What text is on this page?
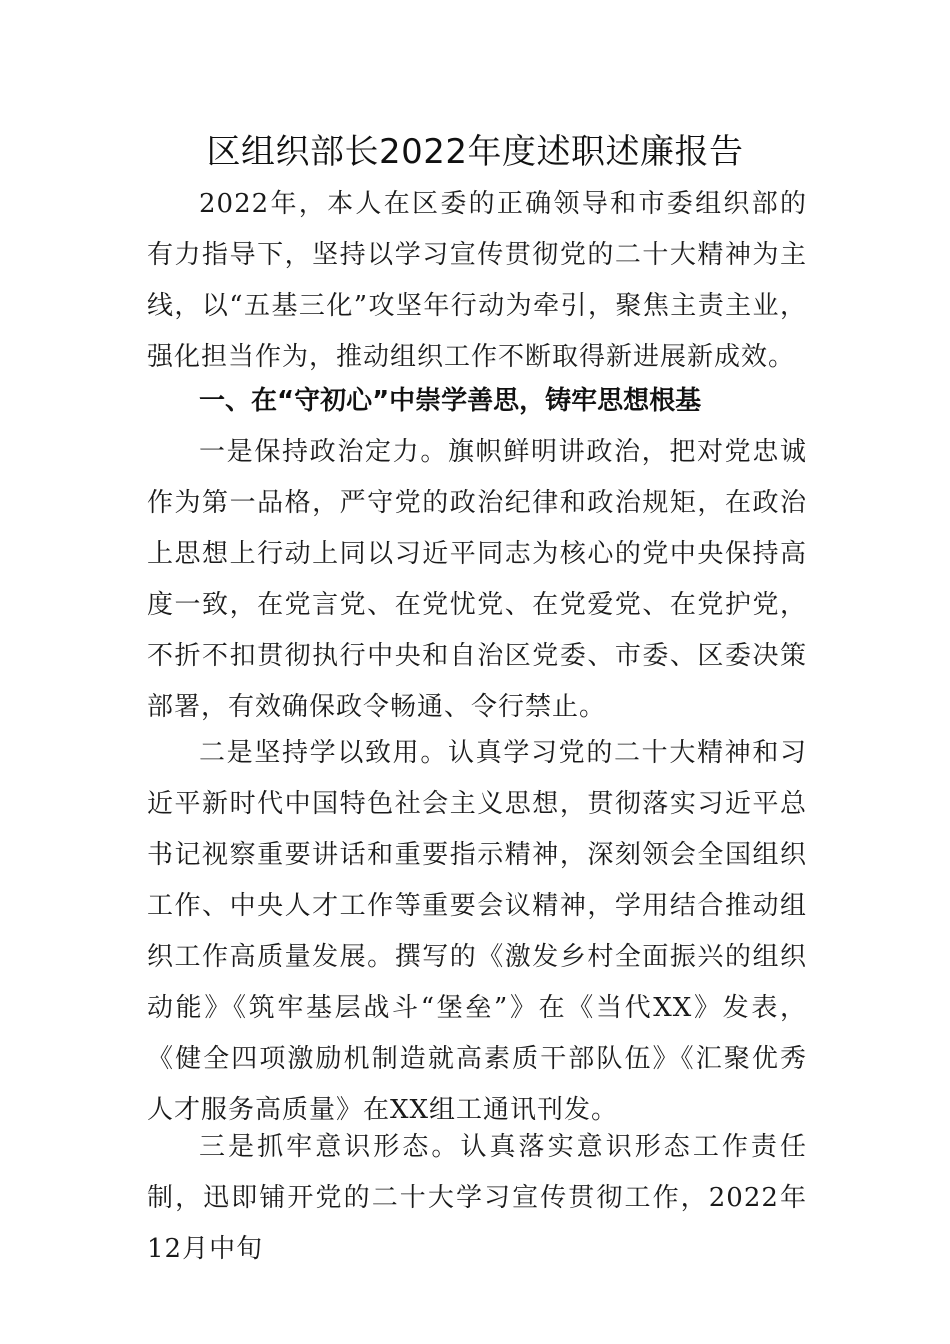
区组织部长2022年度述职述廉报告

2022年，本人在区委的正确领导和市委组织部的有力指导下，坚持以学习宣传贯彻党的二十大精神为主线，以“五基三化”攻坚年行动为牵引，聚焦主责主业，强化担当作为，推动组织工作不断取得新进展新成效。

一、在“守初心”中崇学善思，铸牢思想根基

一是保持政治定力。旗帜鲜明讲政治，把对党忠诚作为第一品格，严守党的政治纪律和政治规矩，在政治上思想上行动上同以习近平同志为核心的党中央保持高度一致，在党言党、在党忧党、在党爱党、在党护党，不折不扣贯彻执行中央和自治区党委、市委、区委决策部署，有效确保政令畅通、令行禁止。

二是坚持学以致用。认真学习党的二十大精神和习近平新时代中国特色社会主义思想，贯彻落实习近平总书记视察重要讲话和重要指示精神，深刻领会全国组织工作、中央人才工作等重要会议精神，学用结合推动组织工作高质量发展。撰写的《激发乡村全面振兴的组织动能》《筑牢基层战斗“堡垒”》在《当代XX》发表，《健全四项激励机制造就高素质干部队伍》《汇聚优秀人才服务高质量》在XX组工通讯刊发。

三是抓牢意识形态。认真落实意识形态工作责任制，迅即铺开党的二十大学习宣传贯彻工作，2022年12月中旬
